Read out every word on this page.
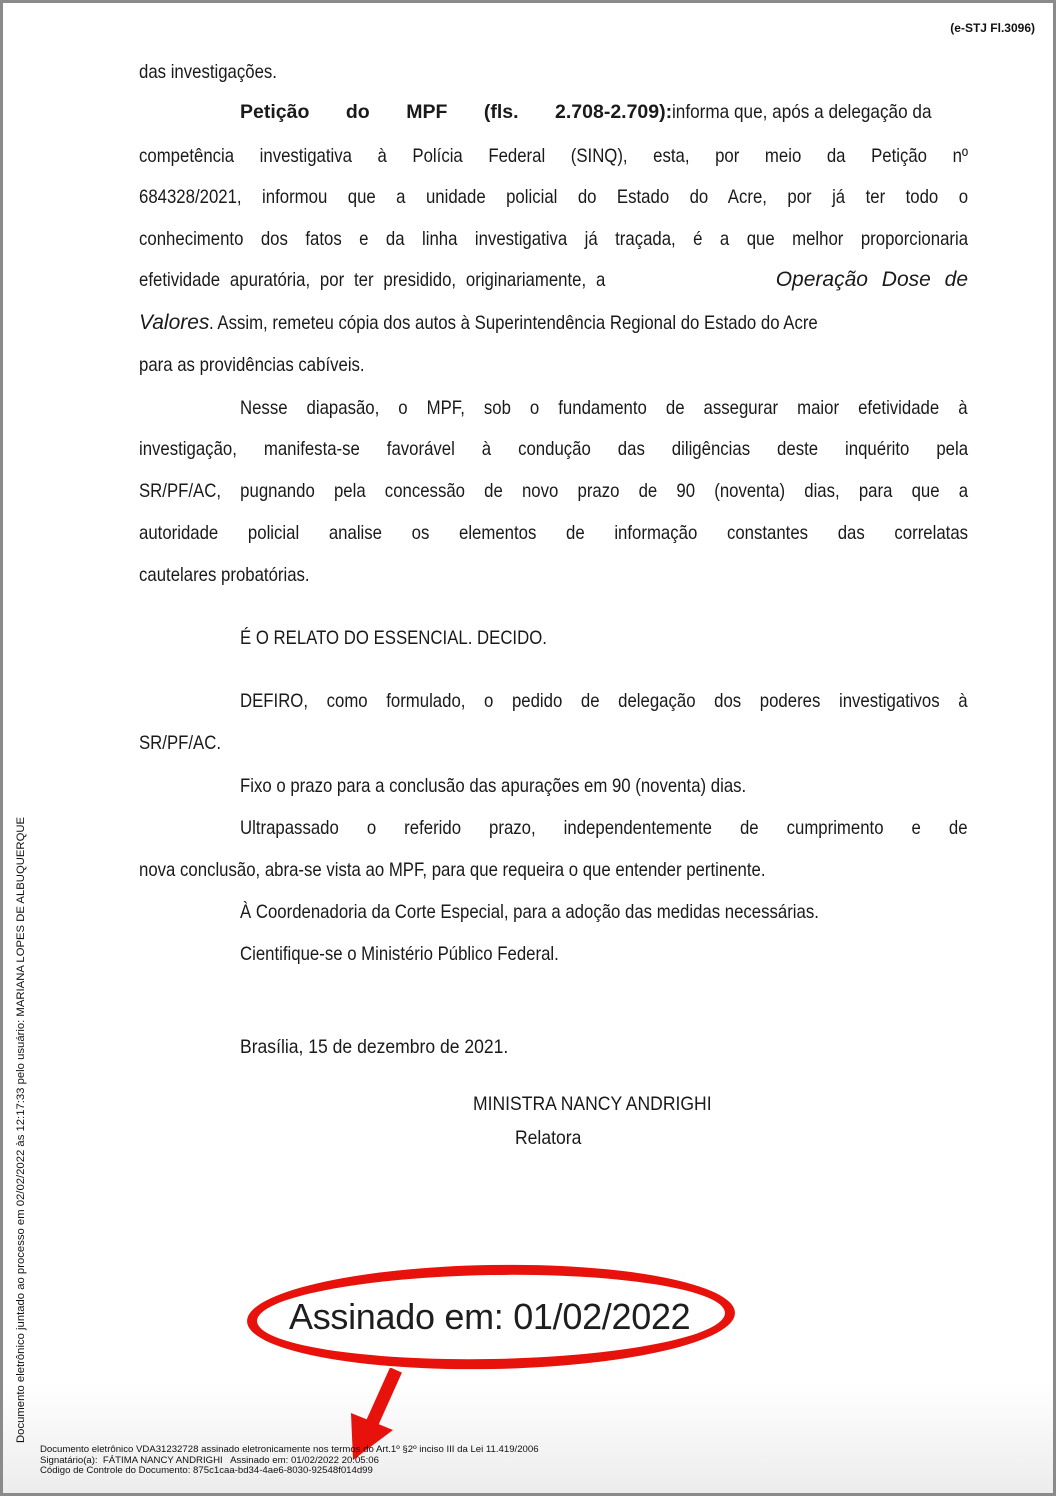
(e-STJ Fl.3096)
Documento eletrônico juntado ao processo em 02/02/2022 às 12:17:33 pelo usuário: MARIANA LOPES DE ALBUQUERQUE
das investigações.
Petição do MPF (fls. 2.708-2.709):informa que, após a delegação da
competência investigativa à Polícia Federal (SINQ), esta, por meio da Petição nº
684328/2021, informou que a unidade policial do Estado do Acre, por já ter todo o
conhecimento dos fatos e da linha investigativa já traçada, é a que melhor proporcionaria
efetividade apuratória, por ter presidido, originariamente, a	Operação Dose de
Valores. Assim, remeteu cópia dos autos à Superintendência Regional do Estado do Acre
para as providências cabíveis.
Nesse diapasão, o MPF, sob o fundamento de assegurar maior efetividade à
investigação, manifesta-se favorável à condução das diligências deste inquérito pela
SR/PF/AC, pugnando pela concessão de novo prazo de 90 (noventa) dias, para que a
autoridade policial analise os elementos de informação constantes das correlatas
cautelares probatórias.
É O RELATO DO ESSENCIAL. DECIDO.
DEFIRO, como formulado, o pedido de delegação dos poderes investigativos à
SR/PF/AC.
Fixo o prazo para a conclusão das apurações em 90 (noventa) dias.
Ultrapassado o referido prazo, independentemente de cumprimento e de
nova conclusão, abra-se vista ao MPF, para que requeira o que entender pertinente.
À Coordenadoria da Corte Especial, para a adoção das medidas necessárias.
Cientifique-se o Ministério Público Federal.
Brasília, 15 de dezembro de 2021.
MINISTRA NANCY ANDRIGHI
Relatora
Assinado em: 01/02/2022
Documento eletrônico VDA31232728 assinado eletronicamente nos termos do Art.1º §2º inciso III da Lei 11.419/2006
Signatário(a):  FÁTIMA NANCY ANDRIGHI   Assinado em: 01/02/2022 20:05:06
Código de Controle do Documento: 875c1caa-bd34-4ae6-8030-92548f014d99
